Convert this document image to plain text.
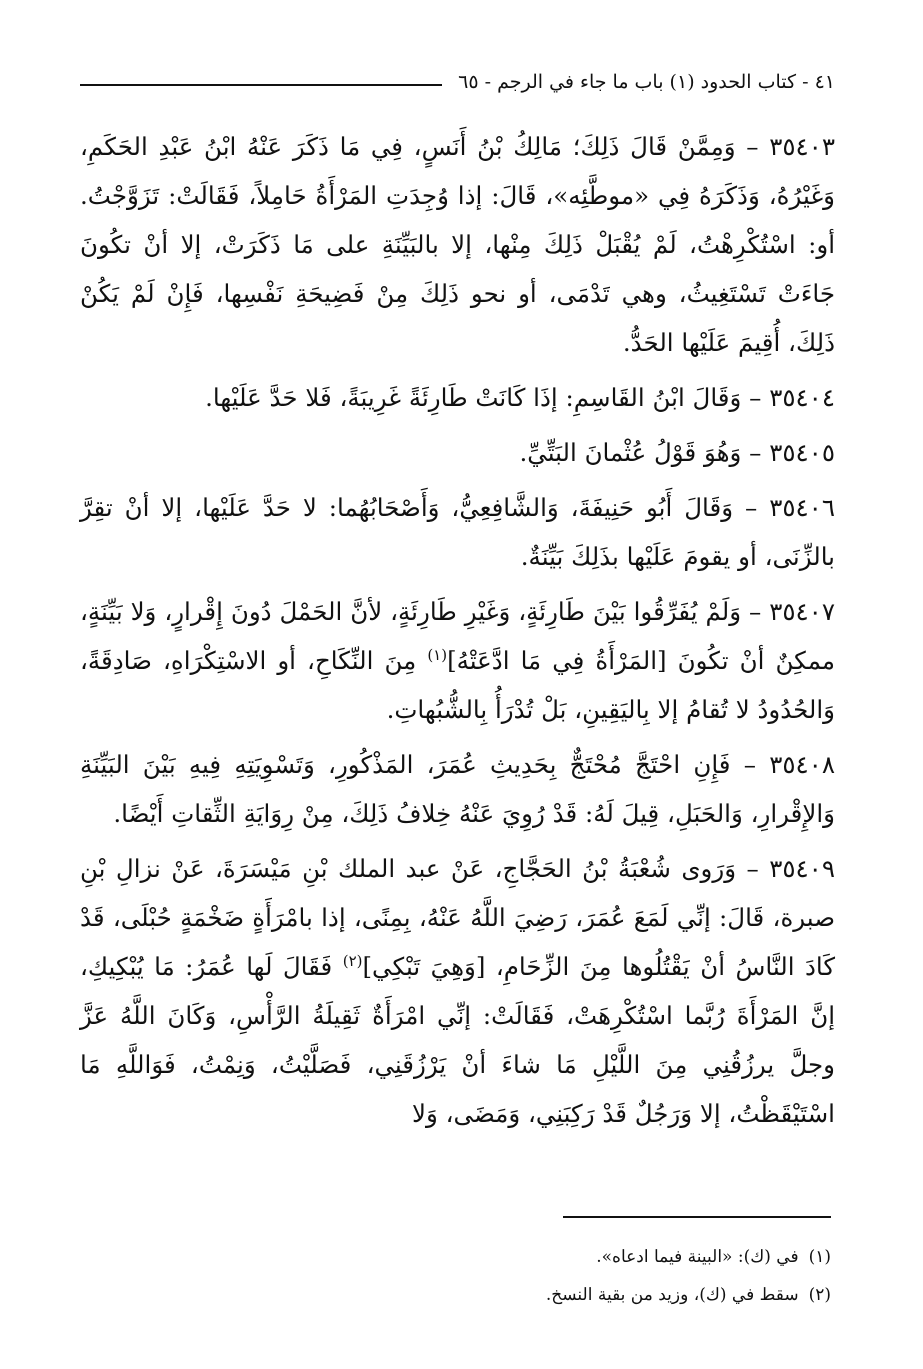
٤١ - كتاب الحدود (١) باب ما جاء في الرجم - ٦٥

٣٥٤٠٣ – وَمِمَّنْ قَالَ ذَلِكَ؛ مَالِكُ بْنُ أَنَسٍ، فِي مَا ذَكَرَ عَنْهُ ابْنُ عَبْدِ الحَكَمِ، وَغَيْرُهُ، وَذَكَرَهُ فِي «موطَّئِه»، قَالَ: إذا وُجِدَتِ المَرْأَةُ حَامِلاً، فَقَالَتْ: تَزَوَّجْتُ. أو: اسْتُكْرِهْتُ، لَمْ يُقْبَلْ ذَلِكَ مِنْها، إلا بالبَيِّنَةِ على مَا ذَكَرَتْ، إلا أنْ تكُونَ جَاءَتْ تَسْتَغِيثُ، وهي تَدْمَى، أو نحو ذَلِكَ مِنْ فَضِيحَةِ نَفْسِها، فَإِنْ لَمْ يَكُنْ ذَلِكَ، أُقِيمَ عَلَيْها الحَدُّ.

٣٥٤٠٤ – وَقَالَ ابْنُ القَاسِمِ: إذَا كَانَتْ طَارِئَةً غَرِيبَةً، فَلا حَدَّ عَلَيْها.

٣٥٤٠٥ – وَهُوَ قَوْلُ عُثْمانَ البَتِّيِّ.

٣٥٤٠٦ – وَقَالَ أَبُو حَنِيفَةَ، وَالشَّافِعِيُّ، وَأَصْحَابُهُما: لا حَدَّ عَلَيْها، إلا أنْ تقِرَّ بالزِّنَى، أو يقومَ عَلَيْها بذَلِكَ بَيِّنَةٌ.

٣٥٤٠٧ – وَلَمْ يُفَرِّقُوا بَيْنَ طَارِئَةٍ، وَغَيْرِ طَارِئَةٍ، لأنَّ الحَمْلَ دُونَ إِقْرارٍ، وَلا بَيِّنَةٍ، ممكِنٌ أنْ تكُونَ [المَرْأَةُ فِي مَا ادَّعَتْهُ]$^{(١)}$ مِنَ النِّكَاحِ، أو الاسْتِكْرَاهِ، صَادِقَةً، وَالحُدُودُ لا تُقامُ إلا بِاليَقِينِ، بَلْ تُدْرَأُ بِالشُّبُهاتِ.

٣٥٤٠٨ – فَإِنِ احْتَجَّ مُحْتَجٌّ بِحَدِيثِ عُمَرَ، المَذْكُورِ، وَتَسْوِيَتِهِ فِيهِ بَيْنَ البَيِّنَةِ وَالإِقْرارِ، وَالحَبَلِ، قِيلَ لَهُ: قَدْ رُوِيَ عَنْهُ خِلافُ ذَلِكَ، مِنْ رِوَايَةِ الثِّقاتِ أَيْضًا.

٣٥٤٠٩ – وَرَوى شُعْبَةُ بْنُ الحَجَّاجِ، عَنْ عبد الملك بْنِ مَيْسَرَةَ، عَنْ نزالِ بْنِ صبرة، قَالَ: إنِّي لَمَعَ عُمَرَ، رَضِيَ اللَّهُ عَنْهُ، بِمِنًى، إذا بامْرَأَةٍ ضَخْمَةٍ حُبْلَى، قَدْ كَادَ النَّاسُ أنْ يَقْتُلُوها مِنَ الزِّحَامِ، [وَهِيَ تَبْكِي]$^{(٢)}$ فَقَالَ لَها عُمَرُ: مَا يُبْكِيكِ، إنَّ المَرْأَةَ رُبَّما اسْتُكْرِهَتْ، فَقَالَتْ: إنِّي امْرَأَةٌ ثَقِيلَةُ الرَّأْسِ، وَكَانَ اللَّهُ عَزَّ وجلَّ يرزُقُنِي مِنَ اللَّيْلِ مَا شاءَ أنْ يَرْزُقَنِي، فَصَلَّيْتُ، وَنِمْتُ، فَوَاللَّهِ مَا اسْتَيْقَظْتُ، إلا وَرَجُلٌ قَدْ رَكِبَنِي، وَمَضَى، وَلا

(١)في (ك): «البينة فيما ادعاه».

(٢)سقط في (ك)، وزيد من بقية النسخ.
